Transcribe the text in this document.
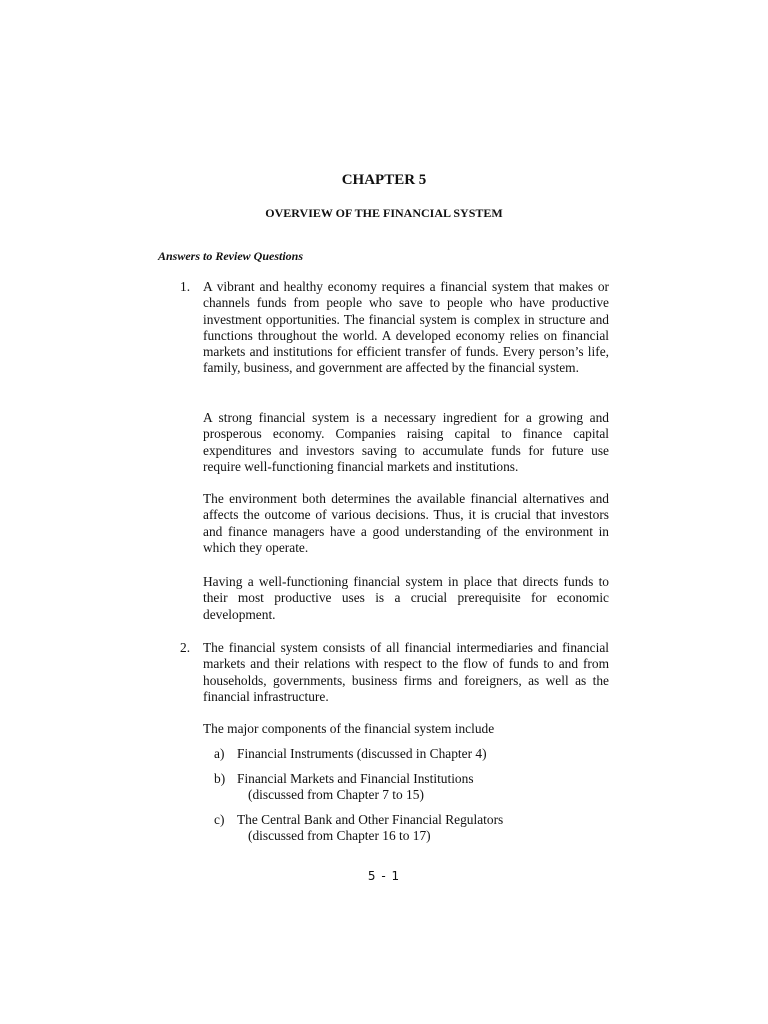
CHAPTER 5
OVERVIEW OF THE FINANCIAL SYSTEM
Answers to Review Questions
1. A vibrant and healthy economy requires a financial system that makes or channels funds from people who save to people who have productive investment opportunities. The financial system is complex in structure and functions throughout the world. A developed economy relies on financial markets and institutions for efficient transfer of funds. Every person’s life, family, business, and government are affected by the financial system.

A strong financial system is a necessary ingredient for a growing and prosperous economy. Companies raising capital to finance capital expenditures and investors saving to accumulate funds for future use require well-functioning financial markets and institutions.

The environment both determines the available financial alternatives and affects the outcome of various decisions. Thus, it is crucial that investors and finance managers have a good understanding of the environment in which they operate.

Having a well-functioning financial system in place that directs funds to their most productive uses is a crucial prerequisite for economic development.

2. The financial system consists of all financial intermediaries and financial markets and their relations with respect to the flow of funds to and from households, governments, business firms and foreigners, as well as the financial infrastructure.

The major components of the financial system include

a) Financial Instruments (discussed in Chapter 4)
b) Financial Markets and Financial Institutions
(discussed from Chapter 7 to 15)
c) The Central Bank and Other Financial Regulators
(discussed from Chapter 16 to 17)
5 - 1
